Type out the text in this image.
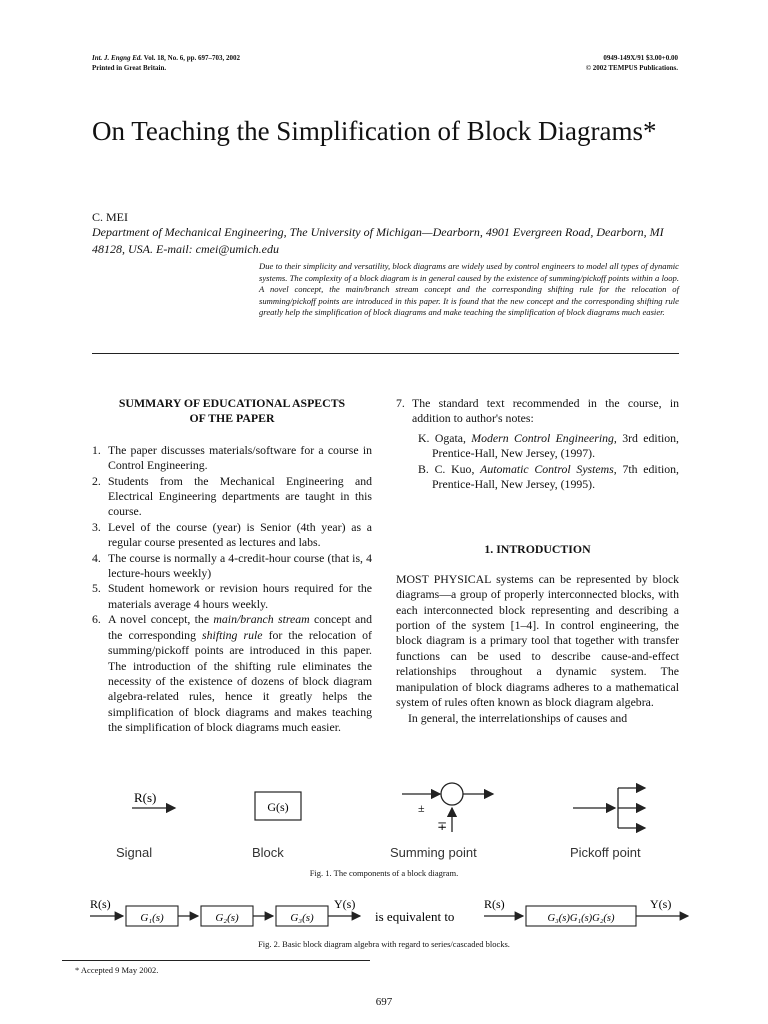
Int. J. Engng Ed. Vol. 18, No. 6, pp. 697–703, 2002
Printed in Great Britain.
0949-149X/91 $3.00+0.00
© 2002 TEMPUS Publications.
On Teaching the Simplification of Block Diagrams*
C. MEI
Department of Mechanical Engineering, The University of Michigan—Dearborn, 4901 Evergreen Road, Dearborn, MI 48128, USA. E-mail: cmei@umich.edu
Due to their simplicity and versatility, block diagrams are widely used by control engineers to model all types of dynamic systems. The complexity of a block diagram is in general caused by the existence of summing/pickoff points within a loop. A novel concept, the main/branch stream concept and the corresponding shifting rule for the relocation of summing/pickoff points are introduced in this paper. It is found that the new concept and the corresponding shifting rule greatly help the simplification of block diagrams and make teaching the simplification of block diagrams much easier.
SUMMARY OF EDUCATIONAL ASPECTS
OF THE PAPER
1. The paper discusses materials/software for a course in Control Engineering.
2. Students from the Mechanical Engineering and Electrical Engineering departments are taught in this course.
3. Level of the course (year) is Senior (4th year) as a regular course presented as lectures and labs.
4. The course is normally a 4-credit-hour course (that is, 4 lecture-hours weekly)
5. Student homework or revision hours required for the materials average 4 hours weekly.
6. A novel concept, the main/branch stream concept and the corresponding shifting rule for the relocation of summing/pickoff points are introduced in this paper. The introduction of the shifting rule eliminates the necessity of the existence of dozens of block diagram algebra-related rules, hence it greatly helps the simplification of block diagrams and makes teaching the simplification of block diagrams much easier.
7. The standard text recommended in the course, in addition to author's notes:
K. Ogata, Modern Control Engineering, 3rd edition, Prentice-Hall, New Jersey, (1997).
B. C. Kuo, Automatic Control Systems, 7th edition, Prentice-Hall, New Jersey, (1995).
1. INTRODUCTION
MOST PHYSICAL systems can be represented by block diagrams—a group of properly interconnected blocks, with each interconnected block representing and describing a portion of the system [1–4]. In control engineering, the block diagram is a primary tool that together with transfer functions can be used to describe cause-and-effect relationships throughout a dynamic system. The manipulation of block diagrams adheres to a mathematical system of rules often known as block diagram algebra.
In general, the interrelationships of causes and
R(s)
G(s)	±
∓
Signal	Block	Summing point	Pickoff point
Fig. 1. The components of a block diagram.
R(s)
G₁(s)	G₂(s)	G₃(s)
Y(s)
is equivalent to
R(s)
G₃(s)G₁(s)G₂(s)
Y(s)
Fig. 2. Basic block diagram algebra with regard to series/cascaded blocks.
* Accepted 9 May 2002.
697
